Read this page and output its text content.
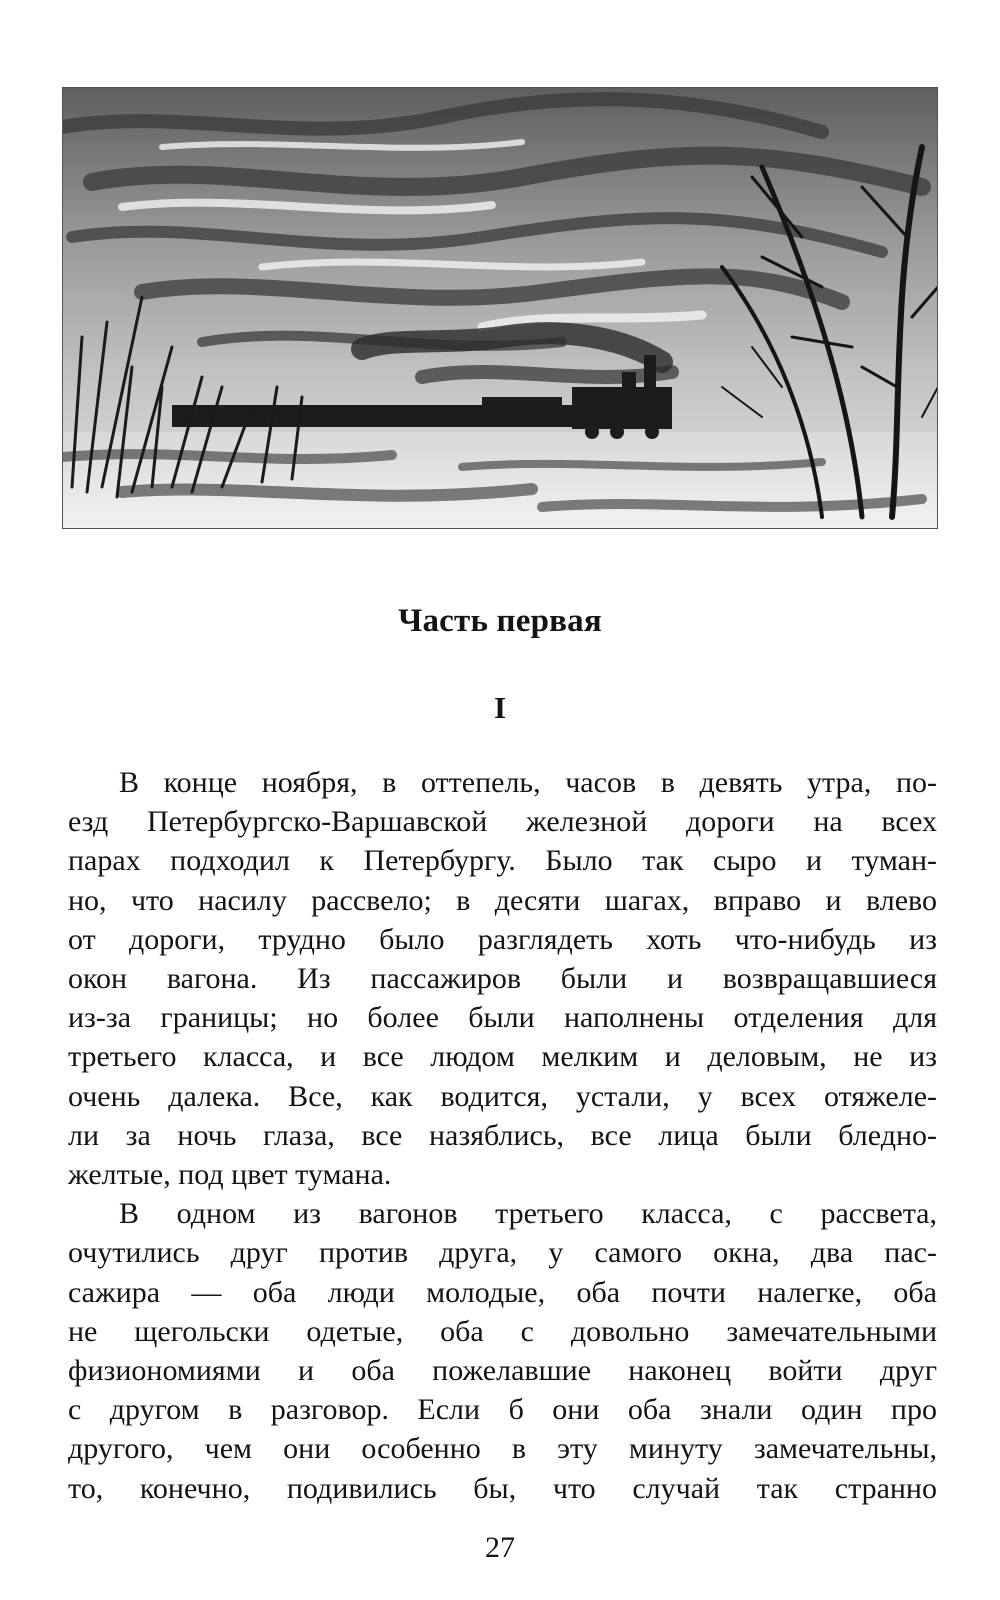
Часть первая
I

В конце ноября, в оттепель, часов в девять утра, по-
езд Петербургско-Варшавской железной дороги на всех
парах подходил к Петербургу. Было так сыро и туман-
но, что насилу рассвело; в десяти шагах, вправо и влево
от дороги, трудно было разглядеть хоть что-нибудь из
окон вагона. Из пассажиров были и возвращавшиеся
из-за границы; но более были наполнены отделения для
третьего класса, и все людом мелким и деловым, не из
очень далека. Все, как водится, устали, у всех отяжеле-
ли за ночь глаза, все назяблись, все лица были бледно-
желтые, под цвет тумана.

В одном из вагонов третьего класса, с рассвета,
очутились друг против друга, у самого окна, два пас-
сажира — оба люди молодые, оба почти налегке, оба
не щегольски одетые, оба с довольно замечательными
физиономиями и оба пожелавшие наконец войти друг
с другом в разговор. Если б они оба знали один про
другого, чем они особенно в эту минуту замечательны,
то, конечно, подивились бы, что случай так странно

27
